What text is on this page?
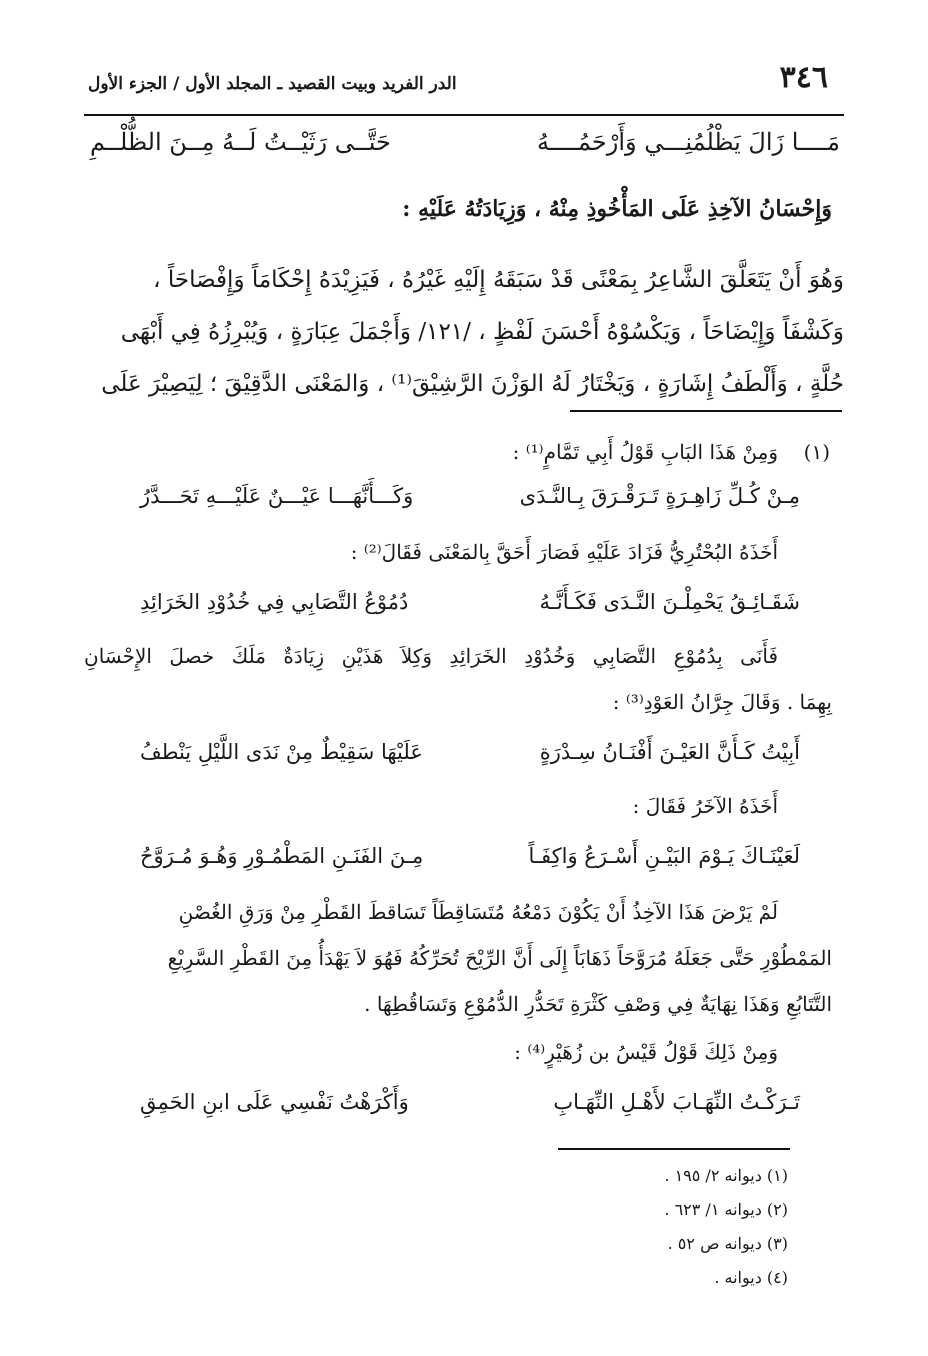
٣٤٦
الدر الفريد وبيت القصيد ـ المجلد الأول / الجزء الأول
مَــــا زَالَ يَظْلُمُنِـــي وَأَرْحَمُــــهُ
حَتَّــى رَثَيْــتُ لَــهُ مِــنَ الظُّلْــمِ
وَإِحْسَانُ الآخِذِ عَلَى المَأْخُوذِ مِنْهُ ، وَزِيَادَتُهُ عَلَيْهِ :
وَهُوَ أَنْ يَتَعَلَّقَ الشَّاعِرُ بِمَعْنًى قَدْ سَبَقَهُ إِلَيْهِ غَيْرُهُ ، فَيَزِيْدَهُ إِحْكَامَاً وَإِفْصَاحَاً ،
وَكَشْفَاً وَإِيْضَاحَاً ، وَيَكْسُوْهُ أَحْسَنَ لَفْظٍ ، /١٢١/ وَأَجْمَلَ عِبَارَةٍ ، وَيُبْرِزُهُ فِي أَبْهَى
حُلَّةٍ ، وَأَلْطَفُ إِشَارَةٍ ، وَيَخْتَارُ لَهُ الوَزْنَ الرَّشِيْقَ⁽¹⁾ ، وَالمَعْنَى الدَّقِيْقَ ؛ لِيَصِيْرَ عَلَى
(١)
وَمِنْ هَذَا البَابِ قَوْلُ أَبِي تَمَّامٍ⁽¹⁾ :
مِـنْ كُـلِّ زَاهِـرَةٍ تَـرَقْـرَقَ بِـالنَّـدَى
وَكَـــأَنَّهَـــا عَيْـــنٌ عَلَيْـــهِ تَحَـــدَّرُ
أَخَذَهُ البُحْتُرِيُّ فَزَادَ عَلَيْهِ فَصَارَ أَحَقَّ بِالمَعْنَى فَقَالَ⁽²⁾ :
شَقَـائِـقُ يَحْمِلْـنَ النَّـدَى فَكَـأَنَّـهُ
دُمُوْعُ التَّصَابِي فِي خُدُوْدِ الخَرَائِدِ
فَأَنَى بِدُمُوْعِ التَّصَابِي وَخُدُوْدِ الخَرَائِدِ وَكِلاَ هَذَيْنِ زِيَادَةٌ مَلَكَ خصلَ الإِحْسَانِ
بِهِمَا . وَقَالَ جِرَّانُ العَوْدِ⁽³⁾ :
أَبِيْتُ كَـأَنَّ العَيْـنَ أَفْنَـانُ سِـدْرَةٍ
عَلَيْهَا سَقِيْطٌ مِنْ نَدَى اللَّيْلِ يَنْطفُ
أَخَذَهُ الآخَرُ فَقَالَ :
لَعَيْنَـاكَ يَـوْمَ البَيْـنِ أَسْـرَعُ وَاكِفَـاً
مِـنَ الفَنَـنِ المَطْمُـوْرِ وَهُـوَ مُـرَوَّحُ
لَمْ يَرْضَ هَذَا الآخِذُ أَنْ يَكُوْنَ دَمْعُهُ مُتَسَاقِطَاً تَسَاقطَ القَطْرِ مِنْ وَرَقِ الغُصْنِ
المَمْطُوْرِ حَتَّى جَعَلَهُ مُرَوَّحَاً ذَهَابَاً إِلَى أَنَّ الرِّيْحَ تُحَرِّكُهُ فَهُوَ لاَ يَهْدَأُ مِنَ القَطْرِ السَّرِيْعِ
التَّتَابُعِ وَهَذَا نِهَايَةٌ فِي وَصْفِ كَثْرَةِ تَحَدُّرِ الدُّمُوْعِ وَتَسَاقُطِهَا .
وَمِنْ ذَلِكَ قَوْلُ قَيْسُ بن زُهَيْرٍ⁽⁴⁾ :
تَـرَكْـتُ النِّهَـابَ لأَهْـلِ النِّهَـابِ
وَأَكْرَهْتُ نَفْسِي عَلَى ابنِ الحَمِقِ
(١) ديوانه ٢/ ١٩٥ .
(٢) ديوانه ١/ ٦٢٣ .
(٣) ديوانه ص ٥٢ .
(٤) ديوانه .
